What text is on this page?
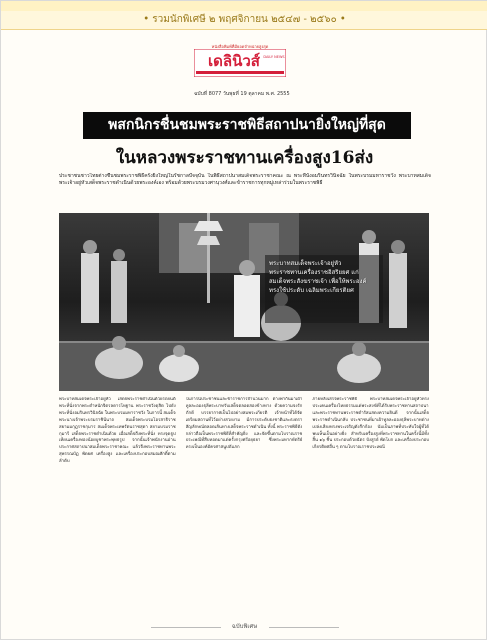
• รวมนักพิเศษี ๒ พฤศจิกายน ๒๕๔๗ - ๒๕๖๐ •
หนังสือพิมพ์ที่มียอดจำหน่ายสูงสุด
เดลินิวส์ DAILY NEWS
ฉบับที่ 8077 วันพุธที่ 19 ตุลาคม พ.ศ. 2555
พสกนิกรชื่นชมพระราชพิธีสถาปนายิ่งใหญ่ที่สุด
ในหลวงพระราชทานเครื่องสูง16ส่ง
ประชาชนชาวไทยต่างชื่นชมพระราชพิธีครั้งยิ่งใหญ่ในรัชกาลปัจจุบัน ในพิธีสถาปนาสมเด็จพระราชาคณะ ณ พระที่นั่งอมรินทรวินิจฉัย ในพระบรมมหาราชวัง พระบาทสมเด็จพระเจ้าอยู่หัวเสด็จพระราชดำเนินด้วยพระองค์เอง พร้อมด้วยพระบรมวงศานุวงศ์และข้าราชการทุกหมู่เหล่าร่วมในพระราชพิธี
พระบาทสมเด็จพระเจ้าอยู่หัว พระราชทานเครื่องราชอิสริยยศ แก่สมเด็จพระสังฆราชเจ้า เพื่อให้พระองค์ทรงใช้ประดับ เฉลิมพระเกียรติยศ
พระบาทสมเด็จพระเจ้าอยู่หัว เสด็จพระราชดำเนินด้วยรถยนต์พระที่นั่งจากพระตำหนักจิตรลดารโหฐาน พระราชวังดุสิต ไปยังพระที่นั่งอมรินทรวินิจฉัย ในพระบรมมหาราชวัง ในการนี้ สมเด็จพระนางเจ้าพระบรมราชินีนาถ สมเด็จพระบรมโอรสาธิราช สยามมกุฎราชกุมาร สมเด็จพระเทพรัตนราชสุดา สยามบรมราชกุมารี เสด็จพระราชดำเนินด้วย เมื่อเสด็จถึงพระที่นั่ง ทรงจุดธูปเทียนเครื่องทองน้อยบูชาพระพุทธรูป จากนั้นเจ้าพนักงานอ่านประกาศสถาปนาสมเด็จพระราชาคณะ แล้วจึงพระราชทานพระสุพรรณบัฏ พัดยศ เครื่องสูง และเครื่องประกอบสมณศักดิ์ตามลำดับ
ในการนี้ประชาชนและข้าราชการจำนวนมาก ต่างพากันมาเฝ้าทูลละอองธุลีพระบาทรับเสด็จตลอดสองข้างทาง ด้วยความจงรักภักดี บรรยากาศเป็นไปอย่างสมพระเกียรติ เจ้าหน้าที่ได้จัดเตรียมสถานที่ไว้อย่างสวยงาม มีการประดับธงชาติและธงตราสัญลักษณ์ตลอดเส้นทางเสด็จพระราชดำเนิน ทั้งนี้ พระราชพิธีดังกล่าวถือเป็นพระราชพิธีที่สำคัญยิ่ง และจัดขึ้นตามโบราณราชประเพณีที่สืบทอดมาแต่ครั้งกรุงศรีอยุธยา ซึ่งพระมหากษัตริย์ทรงเป็นองค์อัครศาสนูปถัมภก
ภายหลังเสร็จพระราชพิธี พระบาทสมเด็จพระเจ้าอยู่หัวทรงประเคนเครื่องไทยธรรมแด่พระสงฆ์ที่ได้รับพระราชทานสถาปนา และพระราชทานพระราชดำรัสแสดงความยินดี จากนั้นเสด็จพระราชดำเนินกลับ ประชาชนที่มาเฝ้าทูลละอองธุลีพระบาทต่างเปล่งเสียงทรงพระเจริญดังกึกก้อง นับเป็นภาพที่ประทับใจผู้ที่ได้พบเห็นเป็นอย่างยิ่ง สำหรับเครื่องสูงที่พระราชทานในครั้งนี้มีทั้งสิ้น ๑๖ ชิ้น ประกอบด้วยฉัตร บังสูรย์ พัดโบก และเครื่องประกอบเกียรติยศอื่น ๆ ตามโบราณราชประเพณี
ฉบับพิเศษ
